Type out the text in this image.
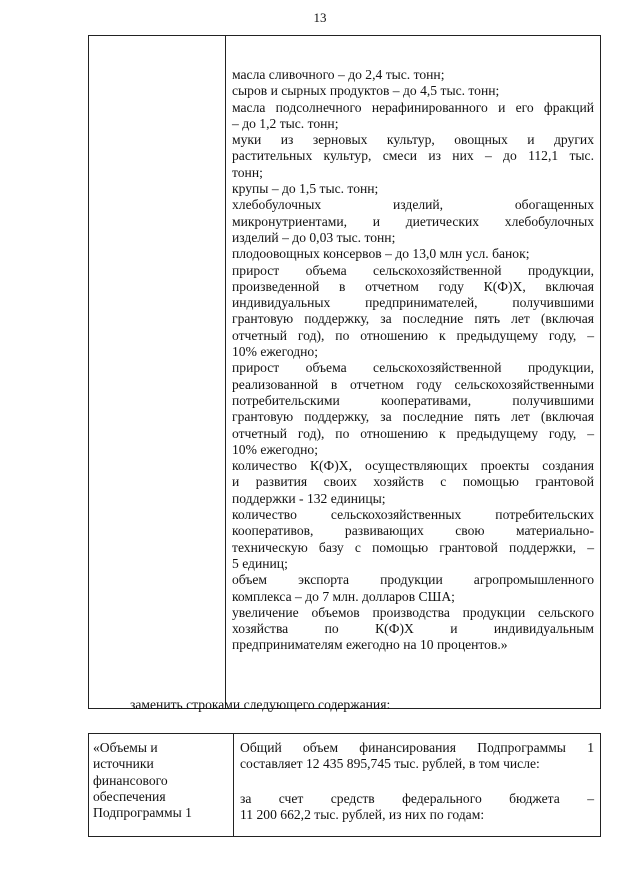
13

масла сливочного – до 2,4 тыс. тонн;
сыров и сырных продуктов – до 4,5 тыс. тонн;
масла подсолнечного нерафинированного и его фракций
– до 1,2 тыс. тонн;
муки из зерновых культур, овощных и других
растительных культур, смеси из них – до 112,1 тыс.
тонн;
крупы – до 1,5 тыс. тонн;
хлебобулочных изделий, обогащенных
микронутриентами, и диетических хлебобулочных
изделий – до 0,03 тыс. тонн;
плодоовощных консервов – до 13,0 млн усл. банок;
прирост объема сельскохозяйственной продукции,
произведенной в отчетном году К(Ф)Х, включая
индивидуальных предпринимателей, получившими
грантовую поддержку, за последние пять лет (включая
отчетный год), по отношению к предыдущему году, –
10% ежегодно;
прирост объема сельскохозяйственной продукции,
реализованной в отчетном году сельскохозяйственными
потребительскими кооперативами, получившими
грантовую поддержку, за последние пять лет (включая
отчетный год), по отношению к предыдущему году, –
10% ежегодно;
количество К(Ф)Х, осуществляющих проекты создания
и развития своих хозяйств с помощью грантовой
поддержки - 132 единицы;
количество сельскохозяйственных потребительских
кооперативов, развивающих свою материально-
техническую базу с помощью грантовой поддержки, –
5 единиц;
объем экспорта продукции агропромышленного
комплекса – до 7 млн. долларов США;
увеличение объемов производства продукции сельского
хозяйства по К(Ф)Х и индивидуальным
предпринимателям ежегодно на 10 процентов.»
заменить строками следующего содержания:
«Объемы и
источники
финансового
обеспечения
Подпрограммы 1

Общий объем финансирования Подпрограммы 1
составляет 12 435 895,745 тыс. рублей, в том числе:
за счет средств федерального бюджета –
11 200 662,2 тыс. рублей, из них по годам:
